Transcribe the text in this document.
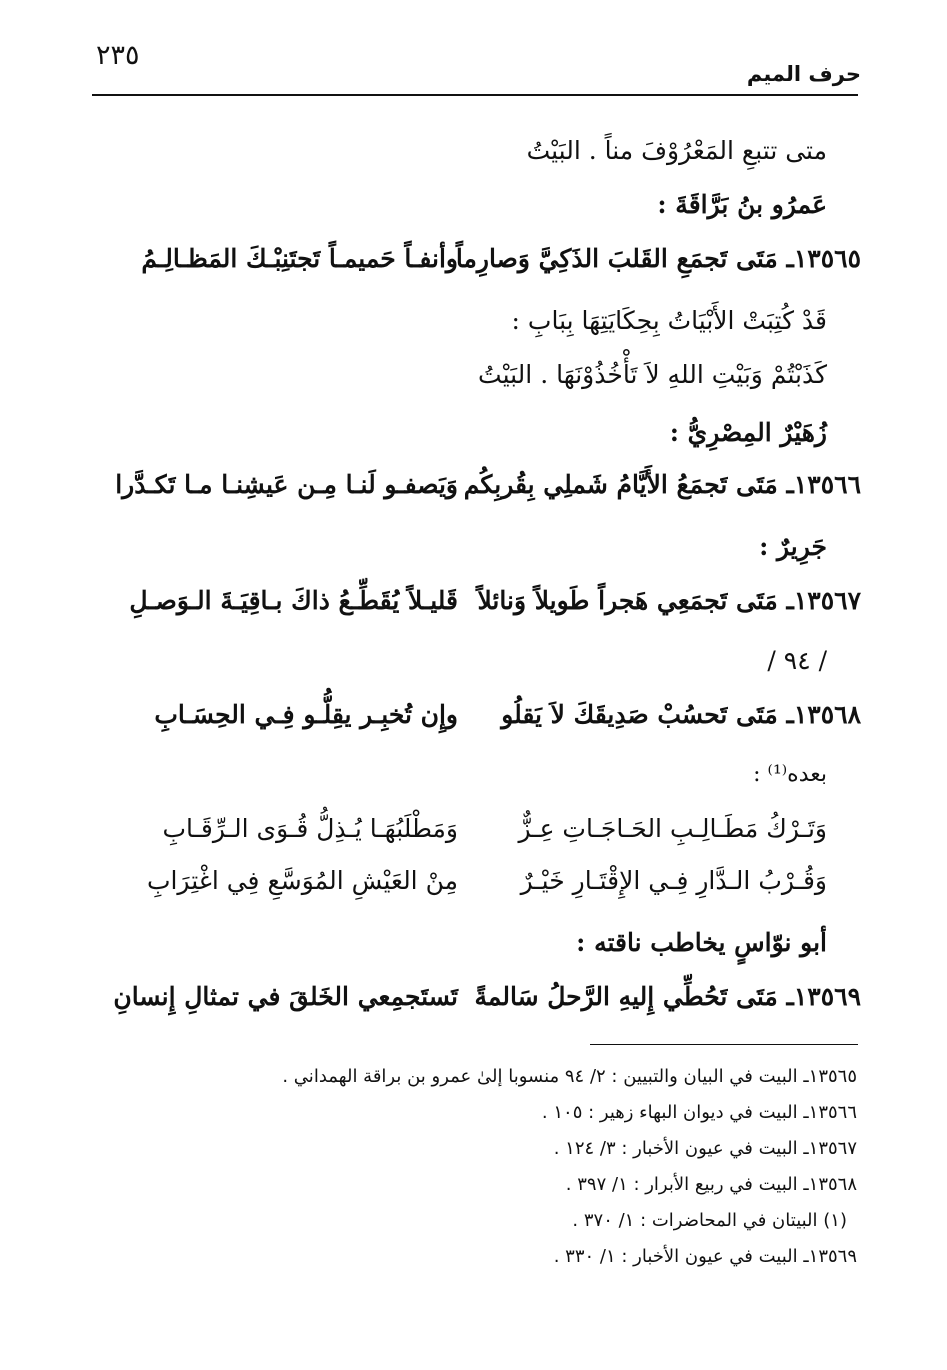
٢٣٥
حرف الميم
متى تتبعِ المَعْرُوْفَ مناً . البَيْتُ
عَمرُو بنُ بَرَّاقَةَ :
١٣٥٦٥ـ مَتَى تَجمَعِ القَلبَ الذَكِيَّ وَصارِماً
وأنفـاً حَميمـاً تَجتَنِبْـكَ المَظـالِـمُ
قَدْ كُتِبَتْ الأَبْيَاتُ بِحِكَايَتِهَا بِبَابِ :
كَذَبْتُمْ وَبَيْتِ اللهِ لاَ تَأْخُذُوْنَهَا . البَيْتُ
زُهَيْرٌ المِصْرِيُّ :
١٣٥٦٦ـ مَتَى تَجمَعُ الأَيَّامُ شَملِي بِقُربِكُم
وَيَصفـو لَنـا مِـن عَيشِنـا مـا تَكـدَّرا
جَرِيرٌ :
١٣٥٦٧ـ مَتَى تَجمَعِي هَجراً طَويلاً وَنائلاً
قَليـلاً يُقَطِّـعُ ذاكَ بـاقِيَـةَ الـوَصـلِ
/ ٩٤ /
١٣٥٦٨ـ مَتَى تَحسُبْ صَدِيقَكَ لاَ يَقلُو
وإِن تُخبِـر يقِلُّـو فِـي الحِسَـابِ
بعده⁽¹⁾ :
وَتَـرْكُ مَطَـالِـبِ الحَـاجَـاتِ عِـزٌّ
وَمَطْلَبُهَـا يُـذِلُّ قُـوَى الـرِّقَـابِ
وَقُـرْبُ الـدَّارِ فِـي الإِقْتَـارِ خَيْـرٌ
مِنْ العَيْشِ المُوَسَّعِ فِي اغْتِرَابِ
أبو نوّاسٍ يخاطب ناقته :
١٣٥٦٩ـ مَتَى تَحُطِّي إِليهِ الرَّحلُ سَالمةً
تَستَجمِعي الخَلقَ في تمثالِ إِنسانِ
١٣٥٦٥ـ البيت في البيان والتبيين : ٢/ ٩٤ منسوبا إلىٰ عمرو بن براقة الهمداني .
١٣٥٦٦ـ البيت في ديوان البهاء زهير : ١٠٥ .
١٣٥٦٧ـ البيت في عيون الأخبار : ٣/ ١٢٤ .
١٣٥٦٨ـ البيت في ربيع الأبرار : ١/ ٣٩٧ .
(١) البيتان في المحاضرات : ١/ ٣٧٠ .
١٣٥٦٩ـ البيت في عيون الأخبار : ١/ ٣٣٠ .
